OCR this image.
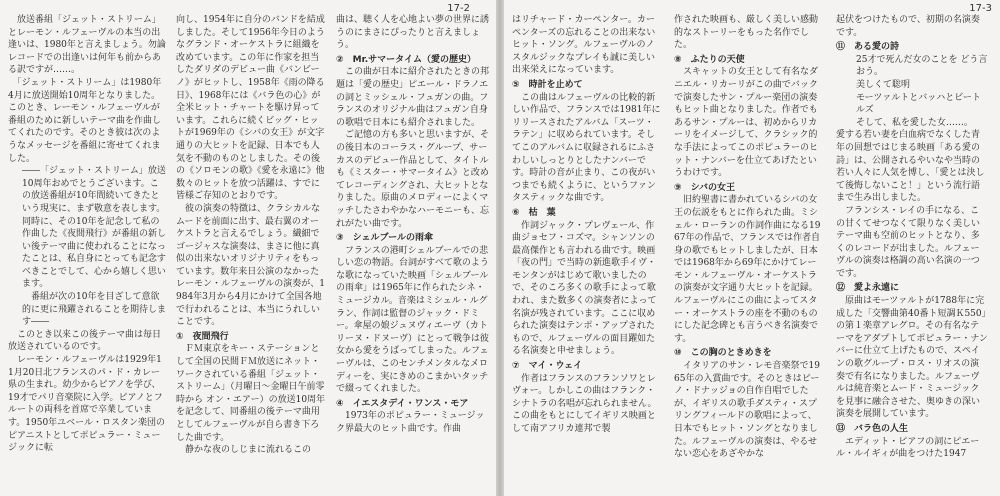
17-2

　放送番組「ジェット・ストリーム」とレーモン・ルフェーヴルの本当の出逢いは、1980年と言えましょう。勿論レコードでの出逢いは何年も前からある訳ですが……。
　「ジェット・ストリーム」は1980年4月に放送開始10周年となりました。このとき、レーモン・ルフェーヴルが番組のために新しいテーマ曲を作曲してくれたのです。そのとき彼は次のようなメッセージを番組に寄せてくれました。

――「ジェット・ストリーム」放送10周年おめでとうございます。この放送番組が10年間続いてきたという現実に、まず敬意を表します。同時に、その10年を記念して私の作曲した《夜間飛行》が番組の新しい後テーマ曲に使われることになったことは、私自身にとっても記念すべきことでして、心から嬉しく思います。
　番組が次の10年を目ざして意欲的に更に飛躍されることを期待します――

　このとき以来この後テーマ曲は毎日放送されているのです。
　レーモン・ルフェーヴルは1929年11月20日北フランスのパ・ド・カレー県の生まれ。幼少からピアノを学び、19才でパリ音楽院に入学。ピアノとフルートの両科を首席で卒業しています。1950年ユベール・ロスタン楽団のピアニストとしてポピュラー・ミュージックに転

向し、1954年に自分のバンドを結成しました。そして1956年今日のようなグランド・オーケストラに組織を改めています。この年に作家を担当したダリダのデビュー曲《バンビーノ》がヒットし、1958年《雨の降る日》、1968年には《バラ色の心》が全米ヒット・チャートを駆け昇っています。これらに続くビッグ・ヒットが1969年の《シバの女王》が文字通りの大ヒットを記録、日本でも人気を不動のものとしました。その後の《ソロモンの歌》《愛を永遠に》他数々のヒットを放つ活躍は、すでに皆様ご存知のとおりです。
　彼の演奏の特徴は、クラシカルなムードを前面に出す、最右翼のオーケストラと言えるでしょう。繊細でゴージャスな演奏は、まさに他に真似の出来ないオリジナリティをもっています。数年来日公演のなかったレーモン・ルフェーヴルの演奏が、1984年3月から4月にかけて全国各地で行われることは、本当にうれしいことです。

①　夜間飛行

　ＦＭ東京をキー・ステーションとして全国の民間ＦＭ放送にネット・ワークされている番組「ジェット・ストリーム」（月曜日～金曜日午前零時から オン・エアー）の放送10周年を記念して、同番組の後テーマ曲用としてルフェーヴルが自ら書き下ろした曲です。
　静かな夜のしじまに流れるこの

曲は、聴く人を心地よい夢の世界に誘うのにまさにぴったりと言えましょう。

②　Mr.サマータイム（愛の歴史）

　この曲が日本に紹介されたときの邦題は「愛の歴史」ピエール・ドラノエの詞とミッシェル・フュガンの曲。フランスのオリジナル曲はフュガン自身の歌唱で日本にも紹介されました。
　ご記憶の方も多いと思いますが、その後日本のコーラス・グループ、サーカスのデビュー作品として、タイトルも《ミスター・サマータイム》と改めてレコーディングされ、大ヒットとなりました。原曲のメロディーによくマッチしたさわやかなハーモニーも、忘れがたい曲です。

③　シェルブールの雨傘

　フランスの港町シェルブールでの悲しい恋の物語。台詞がすべて歌のような歌になっていた映画「シェルブールの雨傘」は1965年に作られたシネ・ミュージカル。音楽はミシェル・ルグラン、作詞は監督のジャック・ドミー。傘屋の娘ジュヌヴィエーヴ（カトリーヌ・ドヌーヴ）にとって戦争は彼女から愛をうばってしまった。ルフェーヴルは、このセンチメンタルなメロディーを、実にきめのこまかいタッチで綴ってくれました。

④　イエスタデイ・ワンス・モア

　1973年のポピュラー・ミュージック界最大のヒット曲です。作曲

17-3

はリチャード・カーペンター。カーペンターズの忘れることの出来ないヒット・ソング。ルフェーヴルのノスタルジックなプレイも誠に美しい出来栄えになっています。

⑤　時計を止めて

　この曲はルフェーヴルの比較的新しい作品で、フランスでは1981年にリリースされたアルバム「スーツ・ラテン」に収められています。そしてこのアルバムに収録されるにふさわしいしっとりとしたナンバーです。時計の音が止まり、この夜がいつまでも続くように、というファンタスティックな曲です。

⑥　枯　葉

　作詞ジャック・プレヴェール、作曲ジョセフ・コズマ。シャンソンの最高傑作とも言われる曲です。映画「夜の門」で当時の新進歌手イヴ・モンタンがはじめて歌いましたので、そのころ多くの歌手によって歌われ、また数多くの演奏者によって名演が残されています。ここに収められた演奏はテンポ・アップされたもので、ルフェーヴルの面目躍如たる名演奏と申せましょう。

⑦　マイ・ウェイ

　作者はフランスのフランソワとレヴォー。しかしこの曲はフランク・シナトラの名唱が忘れられません。この曲をもとにしてイギリス映画として南アフリカ連邦で製

作された映画も、厳しく美しい感動的なストーリーをもった名作でした。

⑧　ふたりの天使

　スキャットの女王として有名なダニエル・リカーリがこの曲でバックで演奏したサン・プルー楽団の演奏もヒット曲となりました。作者でもあるサン・プルーは、初めからリカーリをイメージして、クラシック的な手法によってこのポピュラーのヒット・ナンバーを仕立てあげたというわけです。

⑨　シバの女王

　旧約聖書に書かれているシバの女王の伝説をもとに作られた曲。ミシェル・ローランの作詞作曲になる1967年の作品で、フランスでは作者自身の歌でもヒットしましたが、日本では1968年から69年にかけてレーモン・ルフェーヴル・オーケストラの演奏が文字通り大ヒットを記録。ルフェーヴルにこの曲によってスター・オーケストラの座を不動のものにした記念碑とも言うべき名演奏です。

⑩　この胸のときめきを

　イタリアのサン・レモ音楽祭で1965年の入賞曲です。そのときはピーノ・ドナッジョの自作自唱でしたが、イギリスの歌手ダスティ・スプリングフィールドの歌唱によって、日本でもヒット・ソングとなりました。ルフェーヴルの演奏は、やるせない恋心をあざやかな

起伏をつけたもので、初期の名演奏です。

⑪　ある愛の詩

25才で死んだ女のことを どう言おう。
美しくて聡明
モーツァルトとバッハとビートルズ
そして、私を愛した女……。

愛する若い妻を白血病でなくした青年の回想ではじまる映画「ある愛の詩」は、公開されるやいなや当時の若い人々に人気を博し、「愛とは決して後悔しないこと！」という流行語まで生み出しました。
　フランシス・レイの手になる、この甘くてせつなくて限りなく美しいテーマ曲も空前のヒットとなり、多くのレコードが出ました。ルフェーヴルの演奏は格調の高い名演の一つです。

⑫　愛よ永遠に

　原曲はモーツァルトが1788年に完成した「交響曲第40番ト短調Ｋ550」の第１楽章アレグロ。その有名なテーマをアダプトしてポピュラー・ナンバーに仕立て上げたもので、スペインの歌グループ・ロス・リオスの演奏で有名になりました。ルフェーヴルは純音楽とムード・ミュージックを見事に融合させた、奥ゆきの深い演奏を展開しています。

⑬　バラ色の人生

　エディット・ピアフの詞にピエール・ルイギィが曲をつけた1947
